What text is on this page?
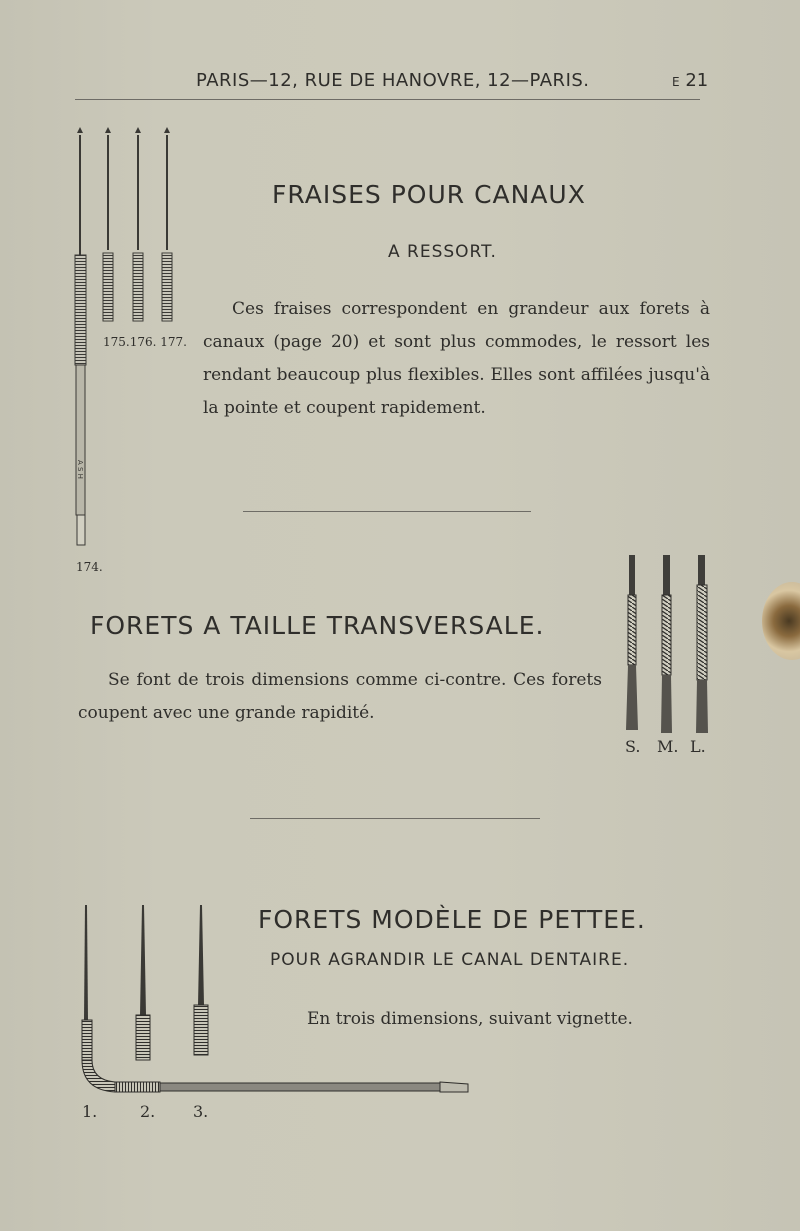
PARIS—12, RUE DE HANOVRE, 12—PARIS.	E 21
A S H
175.176. 177.
174.
FRAISES POUR CANAUX
A RESSORT.
Ces fraises correspondent en grandeur aux forets à
canaux (page 20) et sont plus commodes, le ressort les
rendant beaucoup plus flexibles. Elles sont affilées jusqu'à
la pointe et coupent rapidement.
FORETS A TAILLE TRANSVERSALE.
Se font de trois dimensions comme ci-contre. Ces forets
coupent avec une grande rapidité.
S. M. L.
FORETS MODÈLE DE PETTEE.
POUR AGRANDIR LE CANAL DENTAIRE.
En trois dimensions, suivant vignette.
1.	2. 3.
